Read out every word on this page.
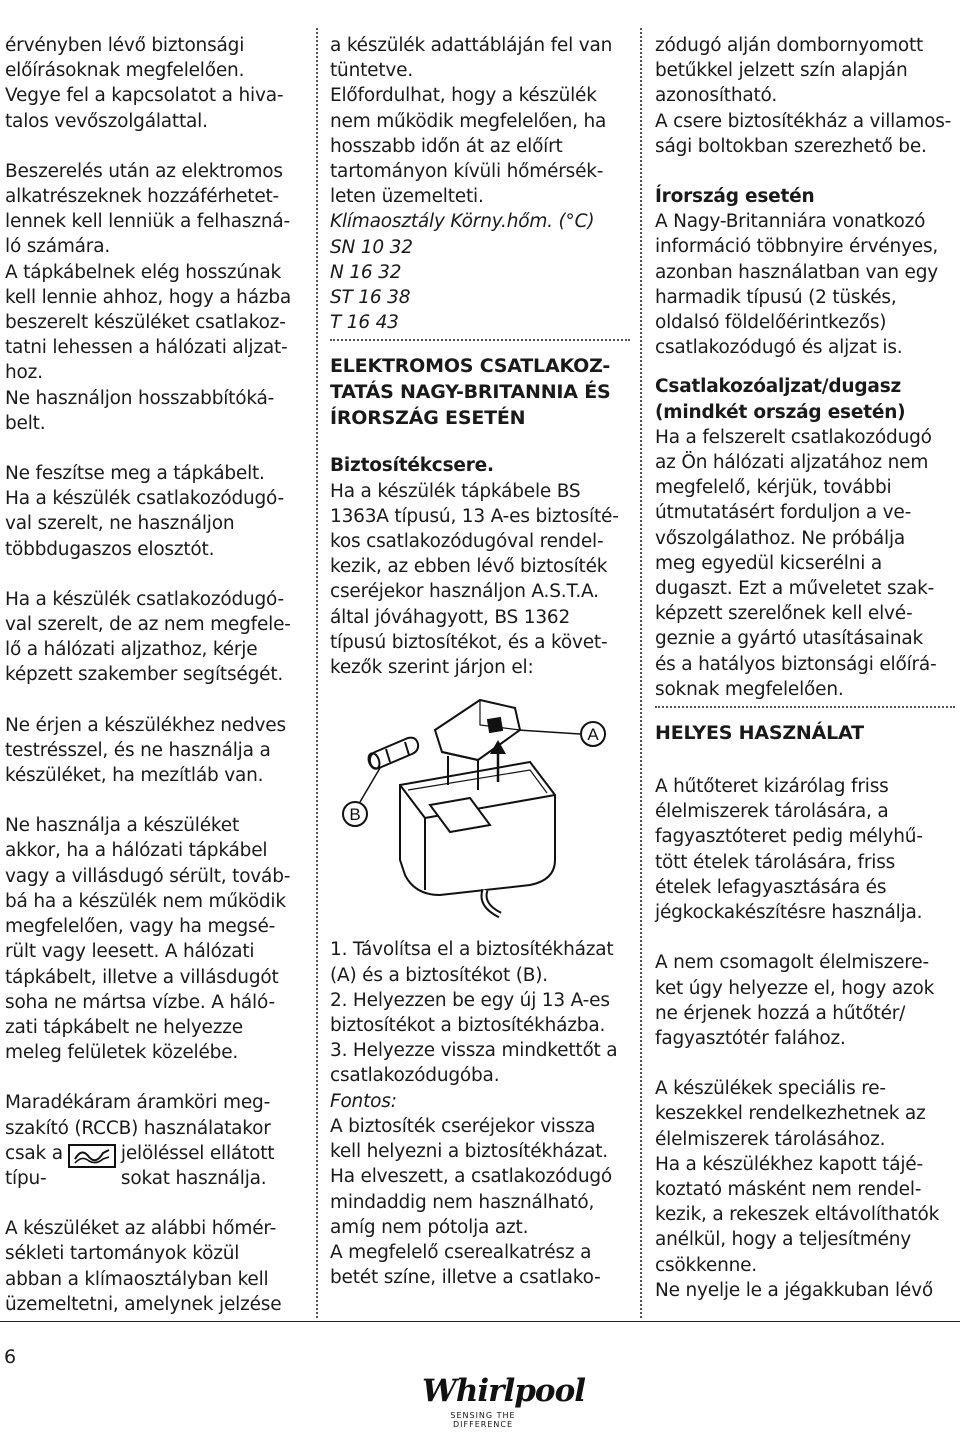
érvényben lévő biztonsági
előírásoknak megfelelően.
Vegye fel a kapcsolatot a hiva-
talos vevőszolgálattal.

Beszerelés után az elektromos
alkatrészeknek hozzáférhetet-
lennek kell lenniük a felhaszná-
ló számára.
A tápkábelnek elég hosszúnak
kell lennie ahhoz, hogy a házba
beszerelt készüléket csatlakoz-
tatni lehessen a hálózati aljzat-
hoz.
Ne használjon hosszabbítóká-
belt.

Ne feszítse meg a tápkábelt.
Ha a készülék csatlakozódugó-
val szerelt, ne használjon
többdugaszos elosztót.

Ha a készülék csatlakozódugó-
val szerelt, de az nem megfele-
lő a hálózati aljzathoz, kérje
képzett szakember segítségét.

Ne érjen a készülékhez nedves
testrésszel, és ne használja a
készüléket, ha mezítláb van.

Ne használja a készüléket
akkor, ha a hálózati tápkábel
vagy a villásdugó sérült, továb-
bá ha a készülék nem működik
megfelelően, vagy ha megsé-
rült vagy leesett. A hálózati
tápkábelt, illetve a villásdugót
soha ne mártsa vízbe. A háló-
zati tápkábelt ne helyezze
meleg felületek közelébe.

Maradékáram áramköri meg-
szakító (RCCB) használatakor

csak a
típu-

jelöléssel ellátott
sokat használja.

A készüléket az alábbi hőmér-
sékleti tartományok közül
abban a klímaosztályban kell
üzemeltetni, amelynek jelzése

a készülék adattábláján fel van
tüntetve.
Előfordulhat, hogy a készülék
nem működik megfelelően, ha
hosszabb időn át az előírt
tartományon kívüli hőmérsék-
leten üzemelteti.

Klímaosztály Körny.hőm. (°C)
SN 10 32
N 16 32
ST 16 38
T 16 43

ELEKTROMOS CSATLAKOZ-
TATÁS NAGY-BRITANNIA ÉS
ÍRORSZÁG ESETÉN

Biztosítékcsere.

Ha a készülék tápkábele BS
1363A típusú, 13 A-es biztosíté-
kos csatlakozódugóval rendel-
kezik, az ebben lévő biztosíték
cseréjekor használjon A.S.T.A.
által jóváhagyott, BS 1362
típusú biztosítékot, és a követ-
kezők szerint járjon el:

A
B

1. Távolítsa el a biztosítékházat
(A) és a biztosítékot (B).
2. Helyezzen be egy új 13 A-es
biztosítékot a biztosítékházba.
3. Helyezze vissza mindkettőt a
csatlakozódugóba.

Fontos:

A biztosíték cseréjekor vissza
kell helyezni a biztosítékházat.
Ha elveszett, a csatlakozódugó
mindaddig nem használható,
amíg nem pótolja azt.
A megfelelő cserealkatrész a
betét színe, illetve a csatlako-

zódugó alján dombornyomott
betűkkel jelzett szín alapján
azonosítható.
A csere biztosítékház a villamos-
sági boltokban szerezhető be.

Írország esetén

A Nagy-Britanniára vonatkozó
információ többnyire érvényes,
azonban használatban van egy
harmadik típusú (2 tüskés,
oldalsó földelőérintkezős)
csatlakozódugó és aljzat is.

Csatlakozóaljzat/dugasz
(mindkét ország esetén)

Ha a felszerelt csatlakozódugó
az Ön hálózati aljzatához nem
megfelelő, kérjük, további
útmutatásért forduljon a ve-
vőszolgálathoz. Ne próbálja
meg egyedül kicserélni a
dugaszt. Ezt a műveletet szak-
képzett szerelőnek kell elvé-
geznie a gyártó utasításainak
és a hatályos biztonsági előírá-
soknak megfelelően.

HELYES HASZNÁLAT

A hűtőteret kizárólag friss
élelmiszerek tárolására, a
fagyasztóteret pedig mélyhű-
tött ételek tárolására, friss
ételek lefagyasztására és
jégkockakészítésre használja.

A nem csomagolt élelmiszere-
ket úgy helyezze el, hogy azok
ne érjenek hozzá a hűtőtér/
fagyasztótér falához.

A készülékek speciális re-
keszekkel rendelkezhetnek az
élelmiszerek tárolásához.
Ha a készülékhez kapott tájé-
koztató másként nem rendel-
kezik, a rekeszek eltávolíthatók
anélkül, hogy a teljesítmény
csökkenne.
Ne nyelje le a jégakkuban lévő

6
Whirlpool
SENSING THE DIFFERENCE
